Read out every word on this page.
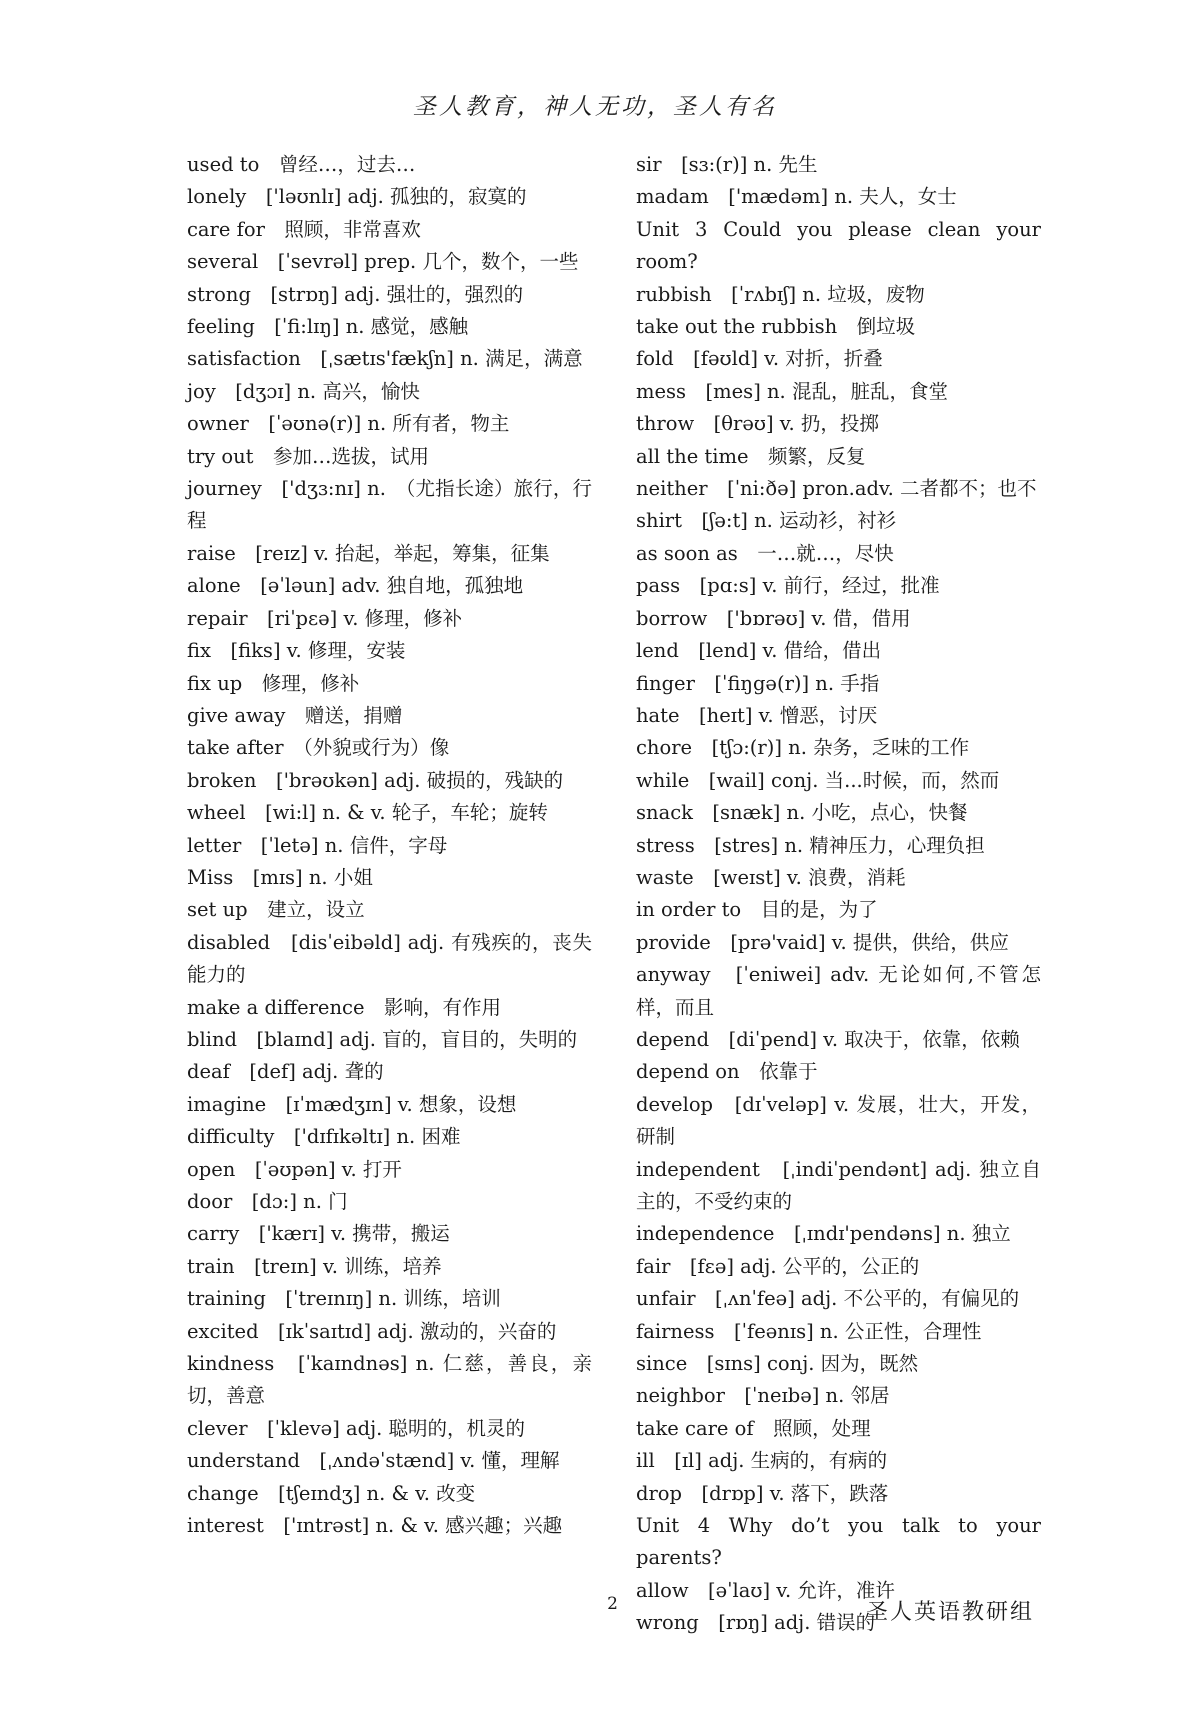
圣人教育，神人无功，圣人有名

used to　曾经…，过去…

lonely　['ləʊnlɪ] adj. 孤独的，寂寞的

care for　照顾，非常喜欢

several　[ˈsevrəl] prep. 几个，数个，一些

strong　[strɒŋ] adj. 强壮的，强烈的

feeling　[ˈfi:lɪŋ] n. 感觉，感触

satisfaction　[ˌsætɪs'fækʃn] n. 满足，满意

joy　[dʒɔɪ] n. 高兴，愉快

owner　[ˈəʊnə(r)] n. 所有者，物主

try out　参加…选拔，试用

journey　['dʒɜ:nɪ] n.　（尤指长途）旅行，行程

raise　[reɪz] v. 抬起，举起，筹集，征集

alone　[əˈləun] adv. 独自地，孤独地

repair　[riˈpɛə] v. 修理，修补

fix　[fiks] v. 修理，安装

fix up　修理，修补

give away　赠送，捐赠

take after　（外貌或行为）像

broken　['brəʊkən] adj. 破损的，残缺的

wheel　[wi:l] n. & v. 轮子，车轮；旋转

letter　[ˈletə] n. 信件，字母

Miss　[mɪs] n. 小姐

set up　建立，设立

disabled　[disˈeibəld] adj. 有残疾的，丧失能力的

make a difference　影响，有作用

blind　[blaɪnd] adj. 盲的，盲目的，失明的

deaf　[def] adj. 聋的

imagine　[ɪˈmædʒɪn] v. 想象，设想

difficulty　['dɪfɪkəltɪ] n. 困难

open　[ˈəʊpən] v. 打开

door　[dɔ:] n. 门

carry　['kærɪ] v. 携带，搬运

train　[treɪn] v. 训练，培养

training　[ˈtreɪnɪŋ] n. 训练，培训

excited　[ɪkˈsaɪtɪd] adj. 激动的，兴奋的

kindness　[ˈkaɪndnəs] n. 仁慈，善良，亲切，善意

clever　[ˈklevə] adj. 聪明的，机灵的

understand　[ˌʌndəˈstænd] v. 懂，理解

change　[tʃeɪndʒ] n. & v. 改变

interest　['ɪntrəst] n. & v. 感兴趣；兴趣

sir　[sɜ:(r)] n. 先生

madam　['mædəm] n. 夫人，女士

Unit 3 Could you please clean your room?

rubbish　[ˈrʌbɪʃ] n. 垃圾，废物

take out the rubbish　倒垃圾

fold　[fəʊld] v. 对折，折叠

mess　[mes] n. 混乱，脏乱，食堂

throw　[θrəʊ] v. 扔，投掷

all the time　频繁，反复

neither　[ˈni:ðə] pron.adv. 二者都不；也不

shirt　[ʃə:t] n. 运动衫，衬衫

as soon as　一…就…，尽快

pass　[pɑ:s] v. 前行，经过，批准

borrow　['bɒrəʊ] v. 借，借用

lend　[lend] v. 借给，借出

finger　[ˈfiŋgə(r)] n. 手指

hate　[heɪt] v. 憎恶，讨厌

chore　[tʃɔ:(r)] n. 杂务，乏味的工作

while　[wail] conj. 当...时候，而，然而

snack　[snæk] n. 小吃，点心，快餐

stress　[stres] n. 精神压力，心理负担

waste　[weɪst] v. 浪费，消耗

in order to　目的是，为了

provide　[prə'vaid] v. 提供，供给，供应

anyway　[ˈeniwei] adv. 无论如何,不管怎样，而且

depend　[diˈpend] v. 取决于，依靠，依赖

depend on　依靠于

develop　[dɪˈveləp] v. 发展，壮大，开发，研制

independent　[ˌindiˈpendənt] adj. 独立自主的，不受约束的

independence　[ˌɪndɪ'pendəns] n. 独立

fair　[fɛə] adj. 公平的，公正的

unfair　[ˌʌnˈfeə] adj. 不公平的，有偏见的

fairness　[ˈfeənɪs] n. 公正性，合理性

since　[sɪns] conj. 因为，既然

neighbor　[ˈneɪbə] n. 邻居

take care of　照顾，处理

ill　[ɪl] adj. 生病的，有病的

drop　[drɒp] v. 落下，跌落

Unit 4 Why do’t you talk to your parents?

allow　[əˈlaʊ] v. 允许，准许

wrong　[rɒŋ] adj. 错误的

2	圣人英语教研组
